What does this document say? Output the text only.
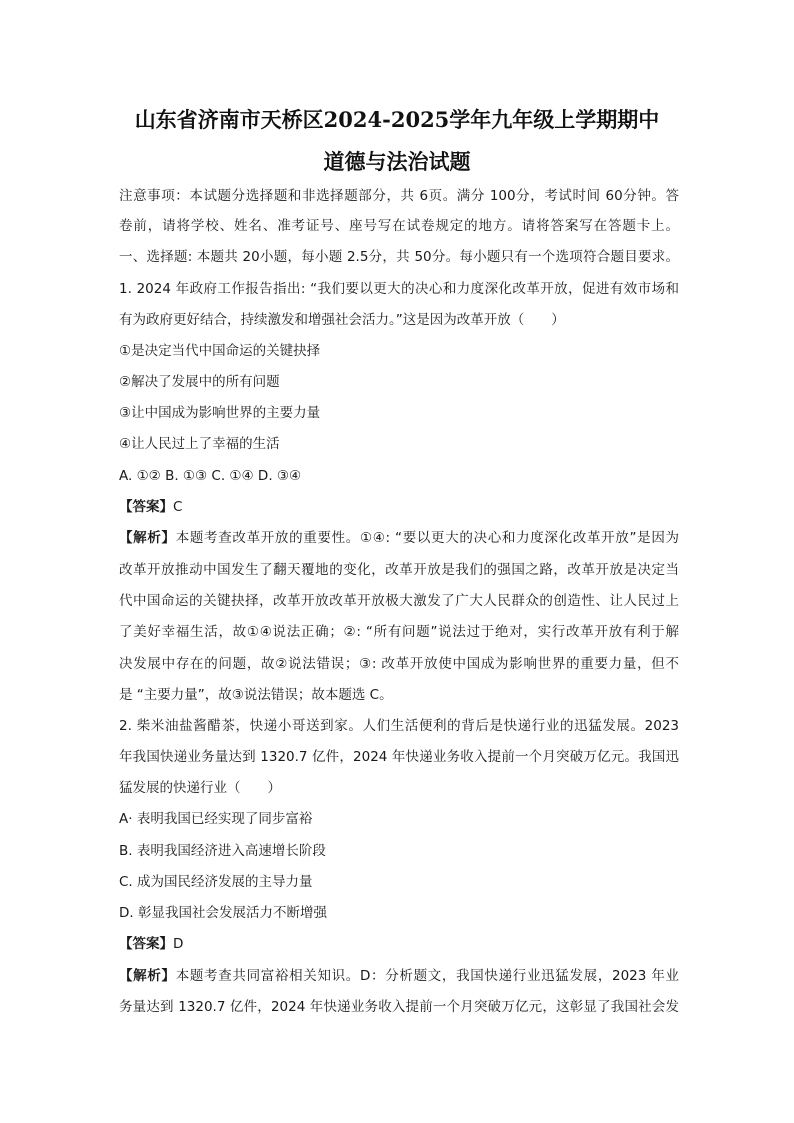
山东省济南市天桥区2024-2025学年九年级上学期期中
道德与法治试题
注意事项：本试题分选择题和非选择题部分，共 6页。满分 100分，考试时间 60分钟。答
卷前，请将学校、姓名、准考证号、座号写在试卷规定的地方。请将答案写在答题卡上。
一、选择题: 本题共 20小题，每小题 2.5分，共 50分。每小题只有一个选项符合题目要求。
1. 2024 年政府工作报告指出: “我们要以更大的决心和力度深化改革开放，促进有效市场和
有为政府更好结合，持续激发和增强社会活力。”这是因为改革开放（　　）
①是决定当代中国命运的关键抉择
②解决了发展中的所有问题
③让中国成为影响世界的主要力量
④让人民过上了幸福的生活
A. ①② B. ①③ C. ①④ D. ③④
【答案】C
【解析】本题考查改革开放的重要性。①④: “要以更大的决心和力度深化改革开放”是因为
改革开放推动中国发生了翻天覆地的变化，改革开放是我们的强国之路，改革开放是决定当
代中国命运的关键抉择，改革开放改革开放极大激发了广大人民群众的创造性、让人民过上
了美好幸福生活，故①④说法正确；②: “所有问题”说法过于绝对，实行改革开放有利于解
决发展中存在的问题，故②说法错误；③: 改革开放使中国成为影响世界的重要力量，但不
是 “主要力量”，故③说法错误；故本题选 C。
2. 柴米油盐酱醋茶，快递小哥送到家。人们生活便利的背后是快递行业的迅猛发展。2023
年我国快递业务量达到 1320.7 亿件，2024 年快递业务收入提前一个月突破万亿元。我国迅
猛发展的快递行业（　　）
A· 表明我国已经实现了同步富裕
B. 表明我国经济进入高速增长阶段
C. 成为国民经济发展的主导力量
D. 彰显我国社会发展活力不断增强
【答案】D
【解析】本题考查共同富裕相关知识。D：分析题文，我国快递行业迅猛发展，2023 年业
务量达到 1320.7 亿件，2024 年快递业务收入提前一个月突破万亿元，这彰显了我国社会发
